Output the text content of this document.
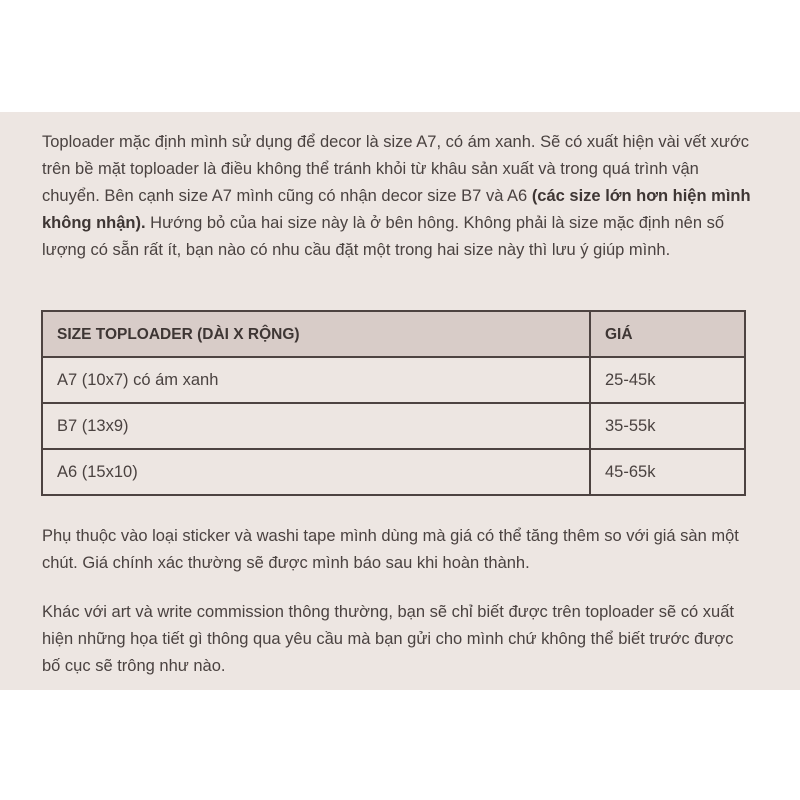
Toploader mặc định mình sử dụng để decor là size A7, có ám xanh. Sẽ có xuất hiện vài vết xước trên bề mặt toploader là điều không thể tránh khỏi từ khâu sản xuất và trong quá trình vận chuyển. Bên cạnh size A7 mình cũng có nhận decor size B7 và A6 (các size lớn hơn hiện mình không nhận). Hướng bỏ của hai size này là ở bên hông. Không phải là size mặc định nên số lượng có sẵn rất ít, bạn nào có nhu cầu đặt một trong hai size này thì lưu ý giúp mình.

SIZE TOPLOADER (DÀI X RỘNG)	GIÁ
A7 (10x7) có ám xanh	25-45k
B7 (13x9)	35-55k
A6 (15x10)	45-65k

Phụ thuộc vào loại sticker và washi tape mình dùng mà giá có thể tăng thêm so với giá sàn một chút. Giá chính xác thường sẽ được mình báo sau khi hoàn thành.

Khác với art và write commission thông thường, bạn sẽ chỉ biết được trên toploader sẽ có xuất hiện những họa tiết gì thông qua yêu cầu mà bạn gửi cho mình chứ không thể biết trước được bố cục sẽ trông như nào.
